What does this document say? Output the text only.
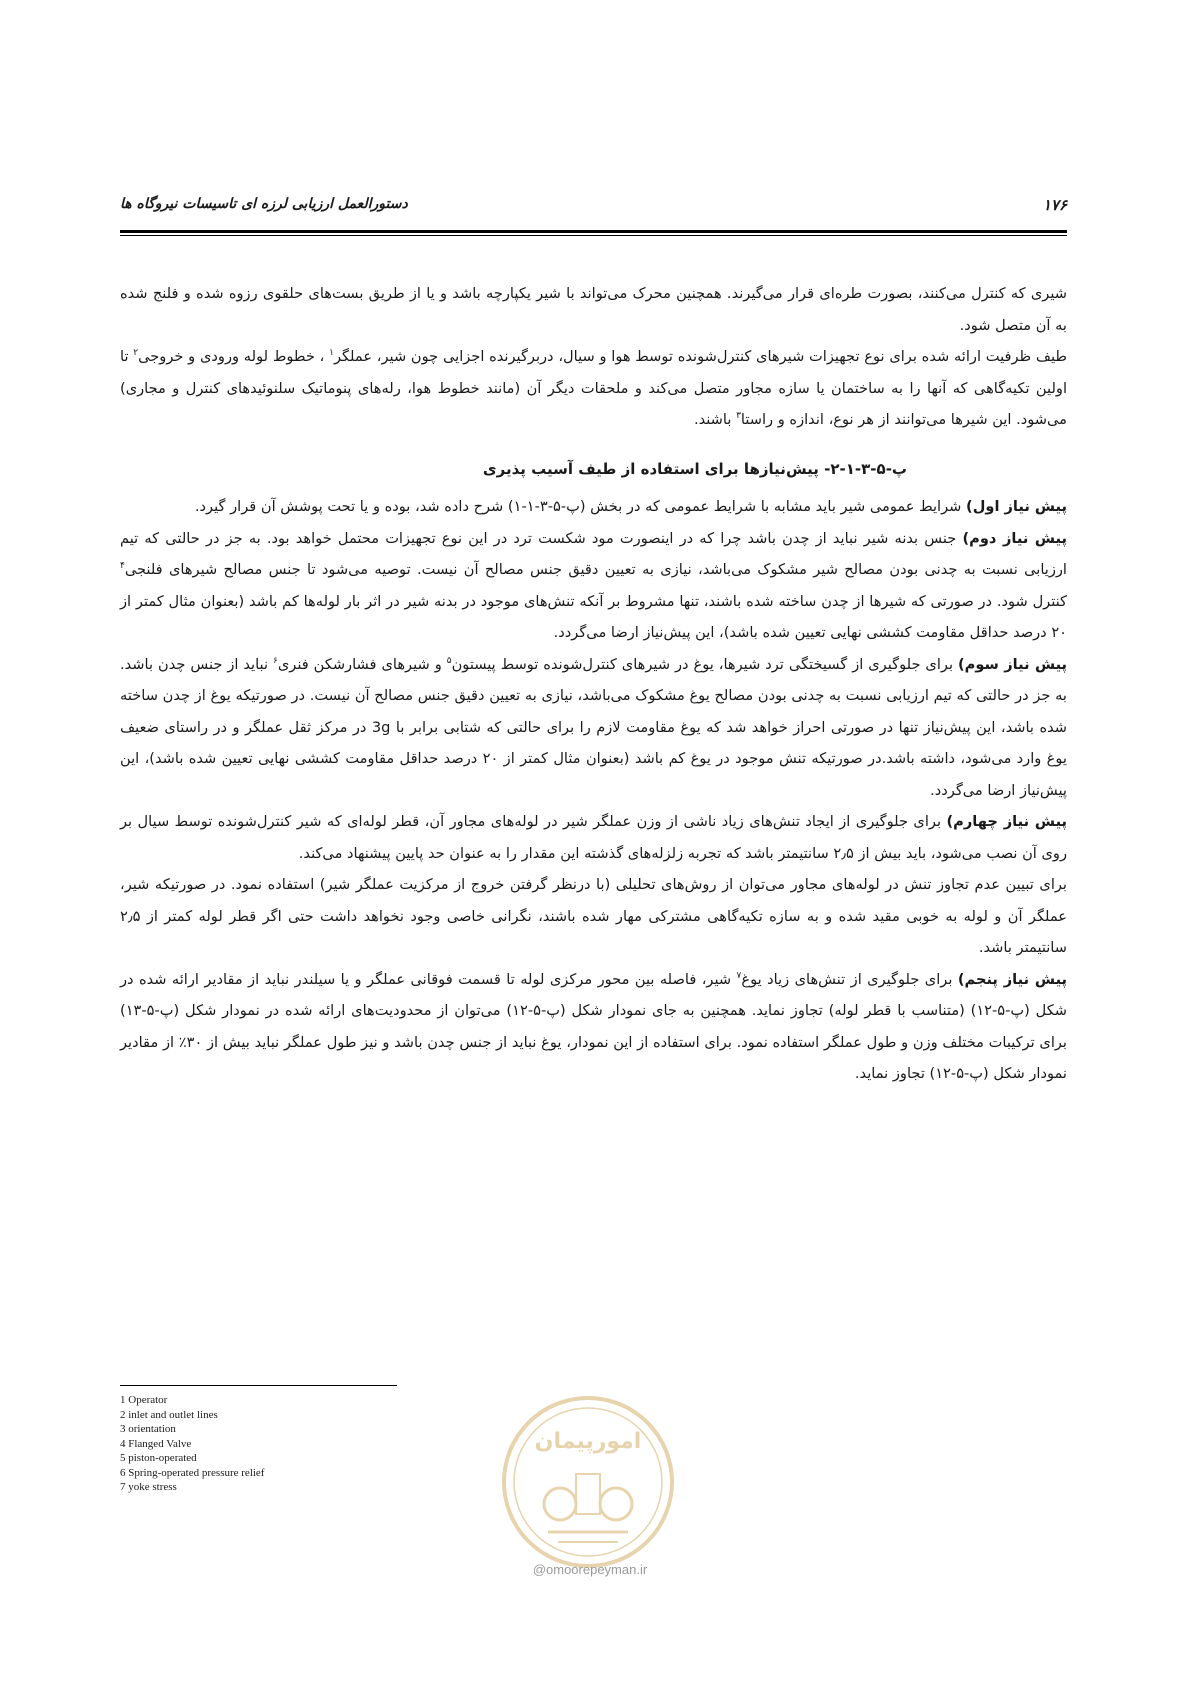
۱۷۶
دستورالعمل ارزیابی لرزه ای تاسیسات نیروگاه ها

شیری که کنترل می‌کنند، بصورت طره‌ای قرار می‌گیرند. همچنین محرک می‌تواند با شیر یکپارچه باشد و یا از طریق بست‌های حلقوی رزوه شده و فلنج شده به آن متصل شود.

طیف ظرفیت ارائه شده برای نوع تجهیزات شیرهای کنترل‌شونده توسط هوا و سیال، دربرگیرنده اجزایی چون شیر، عملگر$^۱$ ، خطوط لوله ورودی و خروجی$^۲$ تا اولین تکیه‌گاهی که آنها را به ساختمان یا سازه مجاور متصل می‌کند و ملحقات دیگر آن (مانند خطوط هوا، رله‌های پنوماتیک سلنوئیدهای کنترل و مجاری) می‌شود. این شیرها می‌توانند از هر نوع، اندازه و راستا$^۳$ باشند.

پ-۵-۳-۱-۲- پیش‌نیازها برای استفاده از طیف آسیب پذیری

پیش نیاز اول) شرایط عمومی شیر باید مشابه با شرایط عمومی که در بخش (پ-۵-۳-۱-۱) شرح داده شد، بوده و یا تحت پوشش آن قرار گیرد.

پیش نیاز دوم) جنس بدنه شیر نباید از چدن باشد چرا که در اینصورت مود شکست ترد در این نوع تجهیزات محتمل خواهد بود. به جز در حالتی که تیم ارزیابی نسبت به چدنی بودن مصالح شیر مشکوک می‌باشد، نیازی به تعیین دقیق جنس مصالح آن نیست. توصیه می‌شود تا جنس مصالح شیرهای فلنجی$^۴$ کنترل شود. در صورتی که شیرها از چدن ساخته شده باشند، تنها مشروط بر آنکه تنش‌های موجود در بدنه شیر در اثر بار لوله‌ها کم باشد (بعنوان مثال کمتر از ۲۰ درصد حداقل مقاومت کششی نهایی تعیین شده باشد)، این پیش‌نیاز ارضا می‌گردد.

پیش نیاز سوم) برای جلوگیری از گسیختگی ترد شیرها، یوغ در شیرهای کنترل‌شونده توسط پیستون$^۵$ و شیرهای فشارشکن فنری$^۶$ نباید از جنس چدن باشد. به جز در حالتی که تیم ارزیابی نسبت به چدنی بودن مصالح یوغ مشکوک می‌باشد، نیازی به تعیین دقیق جنس مصالح آن نیست. در صورتیکه یوغ از چدن ساخته شده باشد، این پیش‌نیاز تنها در صورتی احراز خواهد شد که یوغ مقاومت لازم را برای حالتی که شتابی برابر با 3g در مرکز ثقل عملگر و در راستای ضعیف یوغ وارد می‌شود، داشته باشد.در صورتیکه تنش موجود در یوغ کم باشد (بعنوان مثال کمتر از ۲۰ درصد حداقل مقاومت کششی نهایی تعیین شده باشد)، این پیش‌نیاز ارضا می‌گردد.

پیش نیاز چهارم) برای جلوگیری از ایجاد تنش‌های زیاد ناشی از وزن عملگر شیر در لوله‌های مجاور آن، قطر لوله‌ای که شیر کنترل‌شونده توسط سیال بر روی آن نصب می‌شود، باید بیش از ۲٫۵ سانتیمتر باشد که تجربه زلزله‌های گذشته این مقدار را به عنوان حد پایین پیشنهاد می‌کند.

برای تبیین عدم تجاوز تنش در لوله‌های مجاور می‌توان از روش‌های تحلیلی (با درنظر گرفتن خروج از مرکزیت عملگر شیر) استفاده نمود. در صورتیکه شیر، عملگر آن و لوله به خوبی مقید شده و به سازه تکیه‌گاهی مشترکی مهار شده باشند، نگرانی خاصی وجود نخواهد داشت حتی اگر قطر لوله کمتر از ۲٫۵ سانتیمتر باشد.

پیش نیاز پنجم) برای جلوگیری از تنش‌های زیاد یوغ$^۷$ شیر، فاصله بین محور مرکزی لوله تا قسمت فوقانی عملگر و یا سیلندر نباید از مقادیر ارائه شده در شکل (پ-۵-۱۲) (متناسب با قطر لوله) تجاوز نماید. همچنین به جای نمودار شکل (پ-۵-۱۲) می‌توان از محدودیت‌های ارائه شده در نمودار شکل (پ-۵-۱۳) برای ترکیبات مختلف وزن و طول عملگر استفاده نمود. برای استفاده از این نمودار، یوغ نباید از جنس چدن باشد و نیز طول عملگر نباید بیش از ۳۰٪ از مقادیر نمودار شکل (پ-۵-۱۲) تجاوز نماید.

1 Operator
2 inlet and outlet lines
3 orientation
4 Flanged Valve
5 piston-operated
6 Spring-operated pressure relief
7 yoke stress
امورپیمان
@omoorepeyman.ir
